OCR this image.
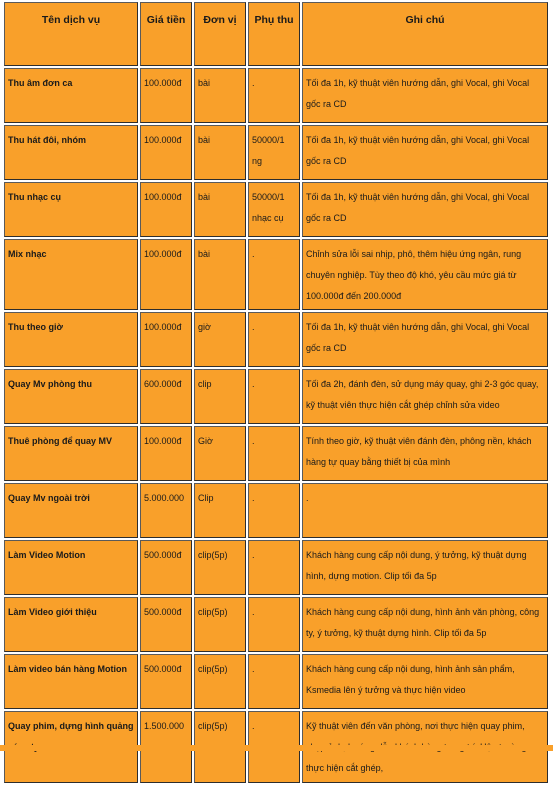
Tên dịch vụ	Giá tiền	Đơn vị	Phụ thu	Ghi chú
Thu âm đơn ca	100.000đ	bài	.	Tối đa 1h, kỹ thuật viên hướng dẫn, ghi Vocal, ghi Vocal gốc ra CD
Thu hát đôi, nhóm	100.000đ	bài	50000/1 ng	Tối đa 1h, kỹ thuật viên hướng dẫn, ghi Vocal, ghi Vocal gốc ra CD
Thu nhạc cụ	100.000đ	bài	50000/1 nhạc cụ	Tối đa 1h, kỹ thuật viên hướng dẫn, ghi Vocal, ghi Vocal gốc ra CD
Mix nhạc	100.000đ	bài	.	Chỉnh sửa lỗi sai nhịp, phô, thêm hiệu ứng ngân, rung chuyên nghiệp. Tùy theo độ khó, yêu cầu mức giá từ 100.000đ đến 200.000đ
Thu theo giờ	100.000đ	giờ	.	Tối đa 1h, kỹ thuật viên hướng dẫn, ghi Vocal, ghi Vocal gốc ra CD
Quay Mv phòng thu	600.000đ	clip	.	Tối đa 2h, đánh đèn, sử dụng máy quay, ghi 2-3 góc quay, kỹ thuật viên thực hiện cắt ghép chỉnh sửa video
Thuê phòng để quay MV	100.000đ	Giờ	.	Tính theo giờ, kỹ thuật viên đánh đèn, phông nền, khách hàng tự quay bằng thiết bị của mình
Quay Mv ngoài trời	5.000.000	Clip	.	.
Làm Video Motion	500.000đ	clip(5p)	.	Khách hàng cung cấp nội dung, ý tưởng, kỹ thuật dựng hình, dựng motion. Clip tối đa 5p
Làm Video giới thiệu	500.000đ	clip(5p)	.	Khách hàng cung cấp nội dung, hình ảnh văn phòng, công ty, ý tưởng, kỹ thuật dựng hình. Clip tối đa 5p
Làm video bán hàng Motion	500.000đ	clip(5p)	.	Khách hàng cung cấp nội dung, hình ảnh sản phẩm, Ksmedia lên ý tưởng và thực hiện video
Quay phim, dựng hình quảng	1.500.000	clip(5p)	.	Kỹ thuật viên đến văn phòng, nơi thực hiện quay phim, thực hiện cắt ghép,
